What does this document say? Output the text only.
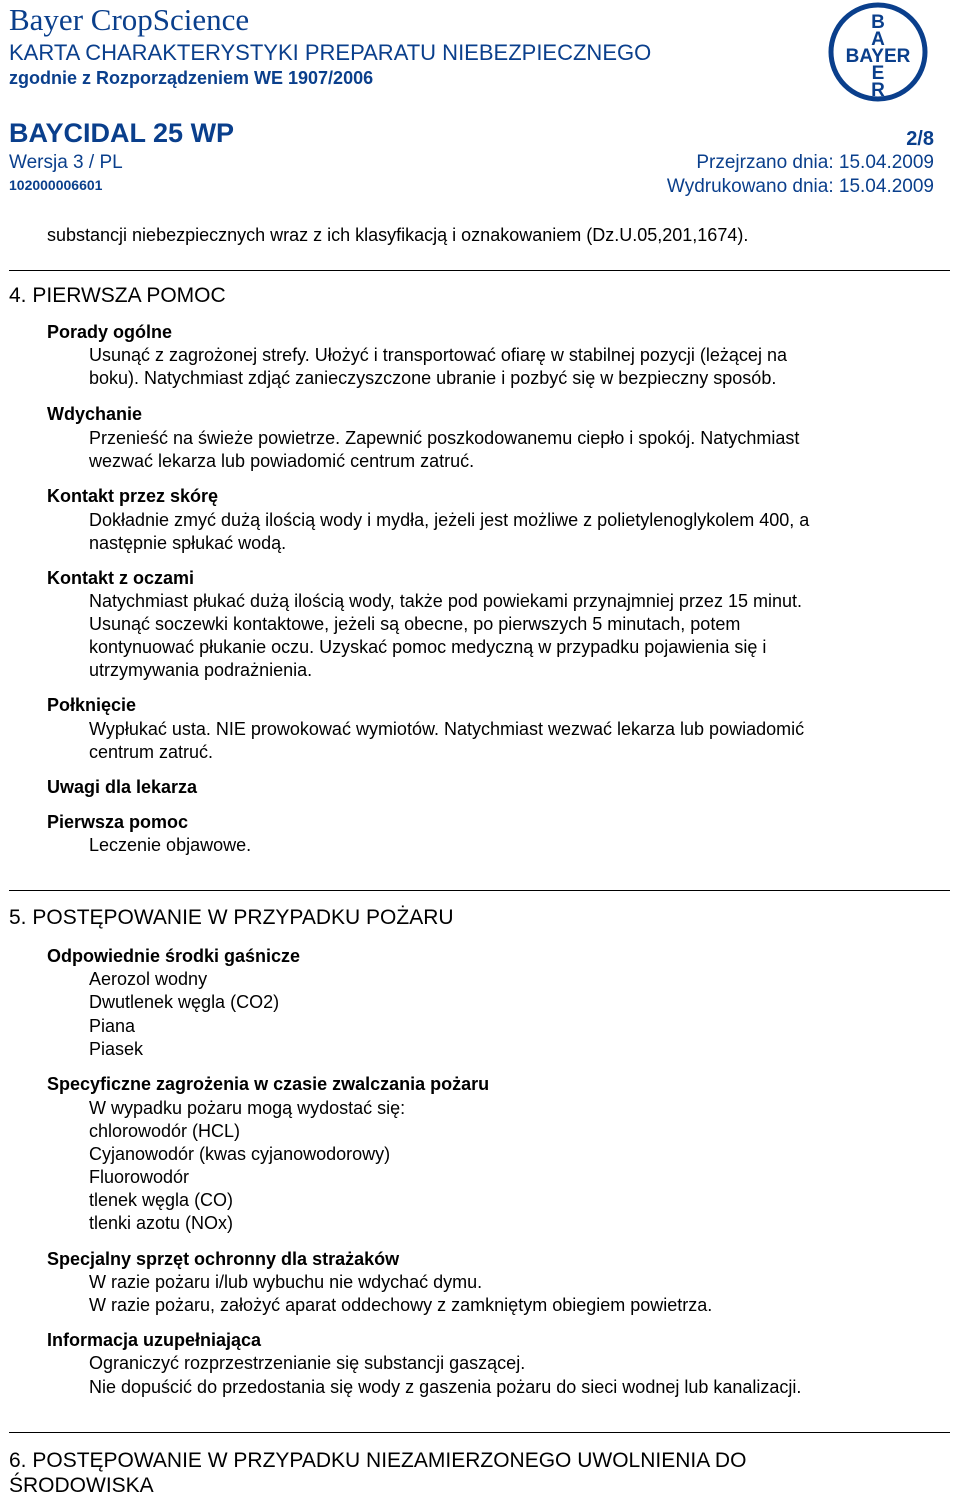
Bayer CropScience
KARTA CHARAKTERYSTYKI PREPARATU NIEBEZPIECZNEGO
zgodnie z Rozporządzeniem WE 1907/2006
BAYCIDAL 25 WP	2/8
Wersja 3 / PL
102000006601
Przejrzano dnia: 15.04.2009
Wydrukowano dnia: 15.04.2009
B
A
BAYER
E
R
substancji niebezpiecznych wraz z ich klasyfikacją i oznakowaniem (Dz.U.05,201,1674).
4. PIERWSZA POMOC
Porady ogólne
Usunąć z zagrożonej strefy. Ułożyć i transportować ofiarę w stabilnej pozycji (leżącej na
boku). Natychmiast zdjąć zanieczyszczone ubranie i pozbyć się w bezpieczny sposób.
Wdychanie
Przenieść na świeże powietrze. Zapewnić poszkodowanemu ciepło i spokój. Natychmiast
wezwać lekarza lub powiadomić centrum zatruć.
Kontakt przez skórę
Dokładnie zmyć dużą ilością wody i mydła, jeżeli jest możliwe z polietylenoglykolem 400, a
następnie spłukać wodą.
Kontakt z oczami
Natychmiast płukać dużą ilością wody, także pod powiekami przynajmniej przez 15 minut.
Usunąć soczewki kontaktowe, jeżeli są obecne, po pierwszych 5 minutach, potem
kontynuować płukanie oczu. Uzyskać pomoc medyczną w przypadku pojawienia się i
utrzymywania podrażnienia.
Połknięcie
Wypłukać usta. NIE prowokować wymiotów. Natychmiast wezwać lekarza lub powiadomić
centrum zatruć.
Uwagi dla lekarza
Pierwsza pomoc
Leczenie objawowe.
5. POSTĘPOWANIE W PRZYPADKU POŻARU
Odpowiednie środki gaśnicze
Aerozol wodny
Dwutlenek węgla (CO2)
Piana
Piasek
Specyficzne zagrożenia w czasie zwalczania pożaru
W wypadku pożaru mogą wydostać się:
chlorowodór (HCL)
Cyjanowodór (kwas cyjanowodorowy)
Fluorowodór
tlenek węgla (CO)
tlenki azotu (NOx)
Specjalny sprzęt ochronny dla strażaków
W razie pożaru i/lub wybuchu nie wdychać dymu.
W razie pożaru, założyć aparat oddechowy z zamkniętym obiegiem powietrza.
Informacja uzupełniająca
Ograniczyć rozprzestrzenianie się substancji gaszącej.
Nie dopuścić do przedostania się wody z gaszenia pożaru do sieci wodnej lub kanalizacji.
6. POSTĘPOWANIE W PRZYPADKU NIEZAMIERZONEGO UWOLNIENIA DO
ŚRODOWISKA
